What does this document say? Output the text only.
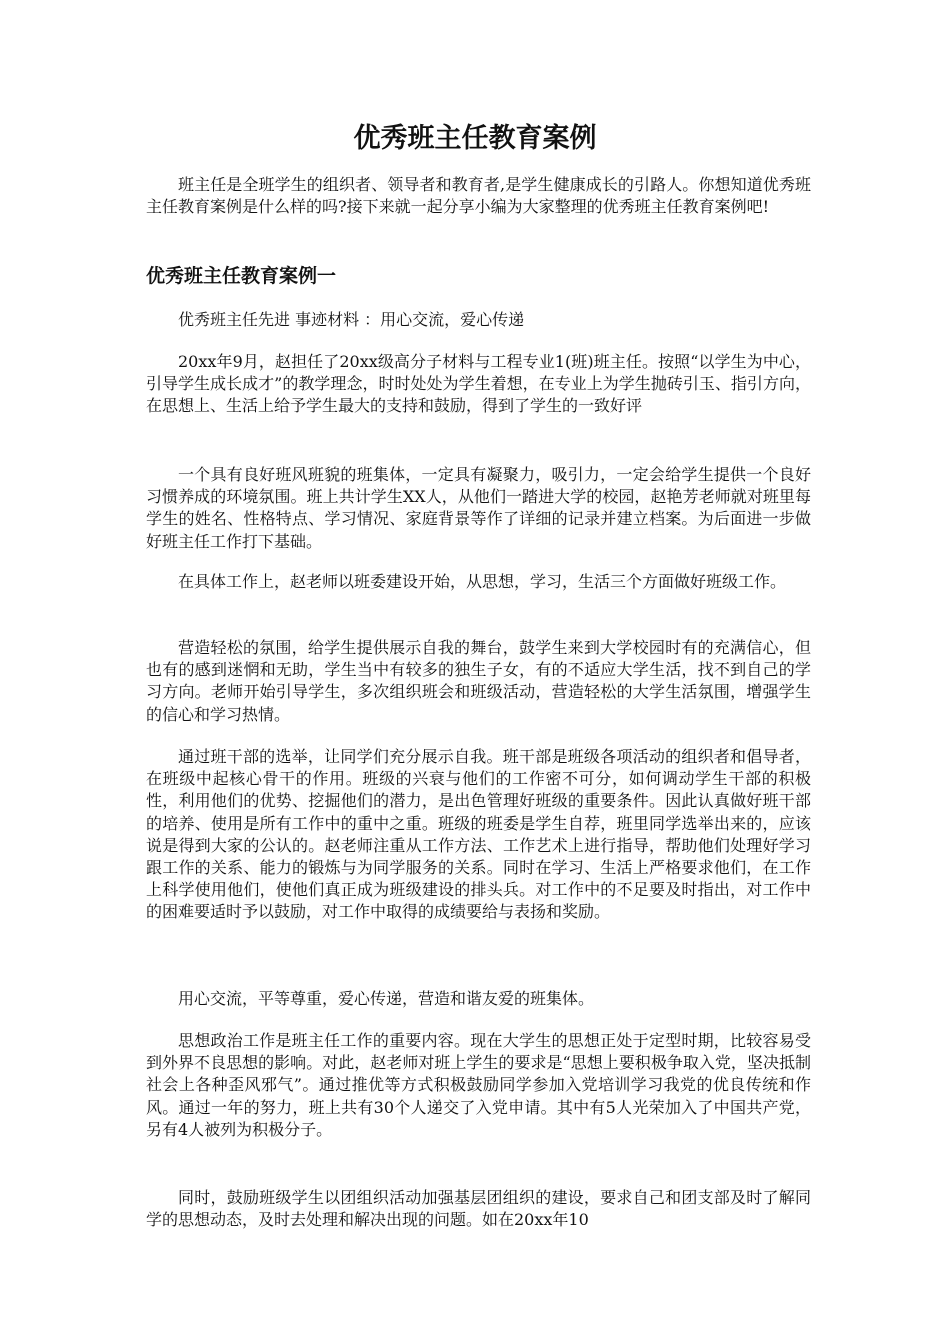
优秀班主任教育案例

班主任是全班学生的组织者、领导者和教育者,是学生健康成长的引路人。你想知道优秀班主任教育案例是什么样的吗?接下来就一起分享小编为大家整理的优秀班主任教育案例吧!

优秀班主任教育案例一

优秀班主任先进 事迹材料 ：用心交流，爱心传递

20xx年9月，赵担任了20xx级高分子材料与工程专业1(班)班主任。按照“以学生为中心，引导学生成长成才”的教学理念，时时处处为学生着想，在专业上为学生抛砖引玉、指引方向，在思想上、生活上给予学生最大的支持和鼓励，得到了学生的一致好评

一个具有良好班风班貌的班集体，一定具有凝聚力，吸引力，一定会给学生提供一个良好习惯养成的环境氛围。班上共计学生XX人，从他们一踏进大学的校园，赵艳芳老师就对班里每学生的姓名、性格特点、学习情况、家庭背景等作了详细的记录并建立档案。为后面进一步做好班主任工作打下基础。

在具体工作上，赵老师以班委建设开始，从思想，学习，生活三个方面做好班级工作。

营造轻松的氛围，给学生提供展示自我的舞台，鼓学生来到大学校园时有的充满信心，但也有的感到迷惘和无助，学生当中有较多的独生子女，有的不适应大学生活，找不到自己的学习方向。老师开始引导学生，多次组织班会和班级活动，营造轻松的大学生活氛围，增强学生的信心和学习热情。

通过班干部的选举，让同学们充分展示自我。班干部是班级各项活动的组织者和倡导者，在班级中起核心骨干的作用。班级的兴衰与他们的工作密不可分，如何调动学生干部的积极性，利用他们的优势、挖掘他们的潜力，是出色管理好班级的重要条件。因此认真做好班干部的培养、使用是所有工作中的重中之重。班级的班委是学生自荐，班里同学选举出来的，应该说是得到大家的公认的。赵老师注重从工作方法、工作艺术上进行指导，帮助他们处理好学习跟工作的关系、能力的锻炼与为同学服务的关系。同时在学习、生活上严格要求他们，在工作上科学使用他们，使他们真正成为班级建设的排头兵。对工作中的不足要及时指出，对工作中的困难要适时予以鼓励，对工作中取得的成绩要给与表扬和奖励。

用心交流，平等尊重，爱心传递，营造和谐友爱的班集体。

思想政治工作是班主任工作的重要内容。现在大学生的思想正处于定型时期，比较容易受到外界不良思想的影响。对此，赵老师对班上学生的要求是“思想上要积极争取入党，坚决抵制社会上各种歪风邪气”。通过推优等方式积极鼓励同学参加入党培训学习我党的优良传统和作风。通过一年的努力，班上共有30个人递交了入党申请。其中有5人光荣加入了中国共产党，另有4人被列为积极分子。

同时，鼓励班级学生以团组织活动加强基层团组织的建设，要求自己和团支部及时了解同学的思想动态，及时去处理和解决出现的问题。如在20xx年10
